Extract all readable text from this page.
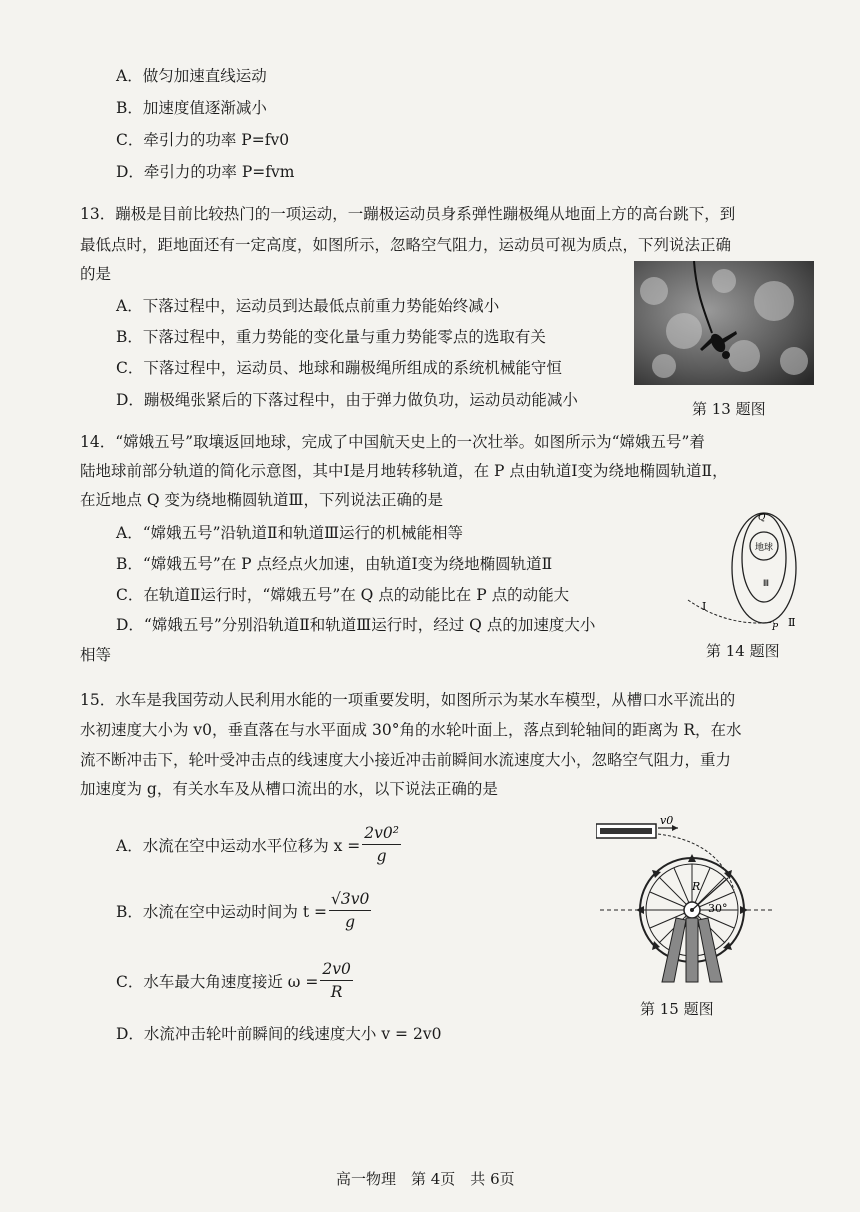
A．做匀加速直线运动
B．加速度值逐渐减小
C．牵引力的功率 P=fv0
D．牵引力的功率 P=fvm
13．蹦极是目前比较热门的一项运动，一蹦极运动员身系弹性蹦极绳从地面上方的高台跳下，到
最低点时，距地面还有一定高度，如图所示，忽略空气阻力，运动员可视为质点，下列说法正确
的是
A．下落过程中，运动员到达最低点前重力势能始终减小
B．下落过程中，重力势能的变化量与重力势能零点的选取有关
C．下落过程中，运动员、地球和蹦极绳所组成的系统机械能守恒
D．蹦极绳张紧后的下落过程中，由于弹力做负功，运动员动能减小	第 13 题图
14．“嫦娥五号”取壤返回地球，完成了中国航天史上的一次壮举。如图所示为“嫦娥五号”着
陆地球前部分轨道的简化示意图，其中Ⅰ是月地转移轨道，在 P 点由轨道Ⅰ变为绕地椭圆轨道Ⅱ，
在近地点 Q 变为绕地椭圆轨道Ⅲ，下列说法正确的是
A．“嫦娥五号”沿轨道Ⅱ和轨道Ⅲ运行的机械能相等
B．“嫦娥五号”在 P 点经点火加速，由轨道Ⅰ变为绕地椭圆轨道Ⅱ
C．在轨道Ⅱ运行时，“嫦娥五号”在 Q 点的动能比在 P 点的动能大
D．“嫦娥五号”分别沿轨道Ⅱ和轨道Ⅲ运行时，经过 Q 点的加速度大小
相等
地球
Ⅲ
Ⅰ
Ⅱ
Q
P
第 14 题图
15．水车是我国劳动人民利用水能的一项重要发明，如图所示为某水车模型，从槽口水平流出的
水初速度大小为 v0，垂直落在与水平面成 30°角的水轮叶面上，落点到轮轴间的距离为 R，在水
流不断冲击下，轮叶受冲击点的线速度大小接近冲击前瞬间水流速度大小，忽略空气阻力，重力
加速度为 g，有关水车及从槽口流出的水，以下说法正确的是
A．水流在空中运动水平位移为 $x = \frac{\text{2v0²}}{g}$
B．水流在空中运动时间为 $t = \frac{√3v0}{g}$
C．水车最大角速度接近 $\omega = \frac{2v0}{R}$
D．水流冲击轮叶前瞬间的线速度大小 v = 2v0
v0
R
30°
第 15 题图
高一物理　第 4页　共 6页
